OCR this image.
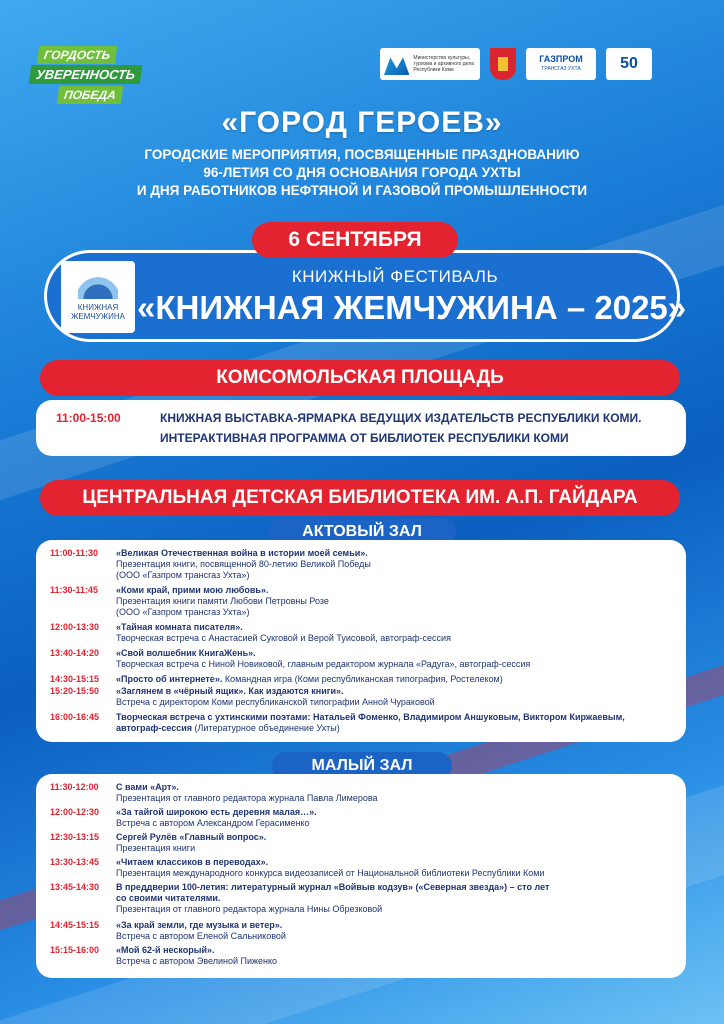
ГОРДОСТЬ
УВЕРЕННОСТЬ
ПОБЕДА
Министерство культуры, туризма и архивного дела Республики Коми
ГАЗПРОМ
ТРАНСГАЗ УХТА	50
«ГОРОД ГЕРОЕВ»
ГОРОДСКИЕ МЕРОПРИЯТИЯ, ПОСВЯЩЕННЫЕ ПРАЗДНОВАНИЮ
96-ЛЕТИЯ СО ДНЯ ОСНОВАНИЯ ГОРОДА УХТЫ
И ДНЯ РАБОТНИКОВ НЕФТЯНОЙ И ГАЗОВОЙ ПРОМЫШЛЕННОСТИ
КНИЖНАЯ ЖЕМЧУЖИНА
КНИЖНЫЙ ФЕСТИВАЛЬ
«КНИЖНАЯ ЖЕМЧУЖИНА – 2025»
6 СЕНТЯБРЯ
КОМСОМОЛЬСКАЯ ПЛОЩАДЬ
11:00-15:00	КНИЖНАЯ ВЫСТАВКА-ЯРМАРКА ВЕДУЩИХ ИЗДАТЕЛЬСТВ РЕСПУБЛИКИ КОМИ.
ИНТЕРАКТИВНАЯ ПРОГРАММА ОТ БИБЛИОТЕК РЕСПУБЛИКИ КОМИ
ЦЕНТРАЛЬНАЯ ДЕТСКАЯ БИБЛИОТЕКА ИМ. А.П. ГАЙДАРА
АКТОВЫЙ ЗАЛ
11:00-11:30	«Великая Отечественная война в истории моей семьи».
Презентация книги, посвященной 80-летию Великой Победы
(ООО «Газпром трансгаз Ухта»)
11:30-11:45	«Коми край, прими мою любовь».
Презентация книги памяти Любови Петровны Розе
(ООО «Газпром трансгаз Ухта»)
12:00-13:30	«Тайная комната писателя».
Творческая встреча с Анастасией Сукговой и Верой Туисовой, автограф-сессия
13:40-14:20	«Свой волшебник КнигаЖень».
Творческая встреча с Ниной Новиковой, главным редактором журнала «Радуга», автограф-сессия
14:30-15:15	«Просто об интернете». Командная игра (Коми республиканская типография, Ростелеком)
15:20-15:50	«Заглянем в «чёрный ящик». Как издаются книги».
Встреча с директором Коми республиканской типографии Анной Чураковой
16:00-16:45	Творческая встреча с ухтинскими поэтами: Натальей Фоменко, Владимиром Аншуковым, Виктором Киржаевым,
автограф-сессия (Литературное объединение Ухты)
МАЛЫЙ ЗАЛ
11:30-12:00	С вами «Арт».
Презентация от главного редактора журнала Павла Лимерова
12:00-12:30	«За тайгой широкою есть деревня малая…».
Встреча с автором Александром Герасименко
12:30-13:15	Сергей Рулёв «Главный вопрос».
Презентация книги
13:30-13:45	«Читаем классиков в переводах».
Презентация международного конкурса видеозаписей от Национальной библиотеки Республики Коми
13:45-14:30	В преддверии 100-летия: литературный журнал «Войвыв кодзув» («Северная звезда») – сто лет
со своими читателями.
Презентация от главного редактора журнала Нины Обрезковой
14:45-15:15	«За край земли, где музыка и ветер».
Встреча с автором Еленой Сальниковой
15:15-16:00	«Мой 62-й нескорый».
Встреча с автором Эвелиной Пиженко
